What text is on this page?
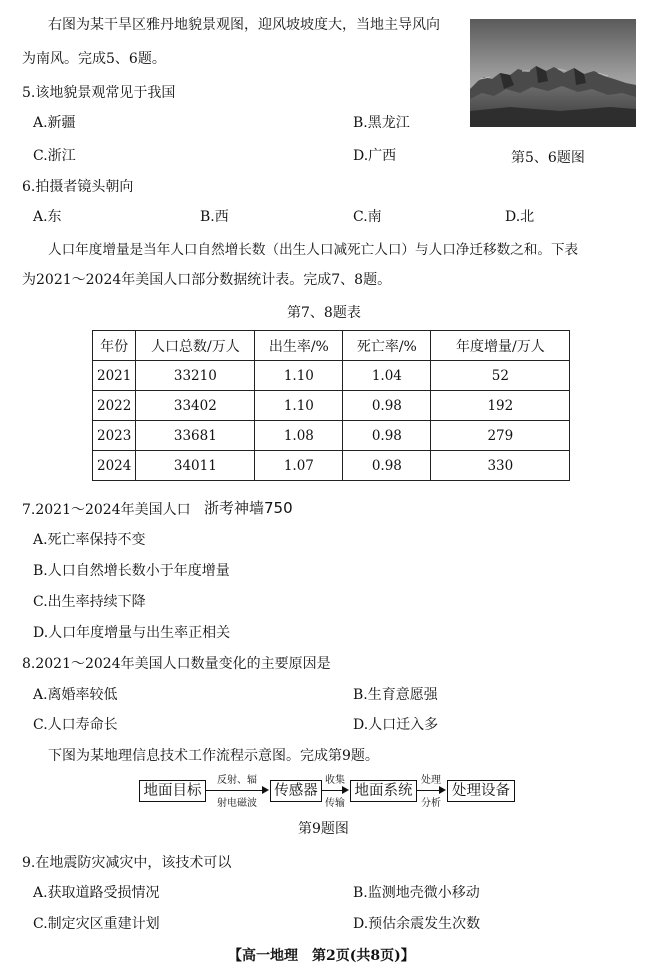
右图为某干旱区雅丹地貌景观图，迎风坡坡度大，当地主导风向
为南风。完成5、6题。
第5、6题图
5.该地貌景观常见于我国
A.新疆	B.黑龙江
C.浙江	D.广西
6.拍摄者镜头朝向
A.东	B.西	C.南	D.北
人口年度增量是当年人口自然增长数（出生人口减死亡人口）与人口净迁移数之和。下表
为2021～2024年美国人口部分数据统计表。完成7、8题。
第7、8题表
年份	人口总数/万人	出生率/%	死亡率/%	年度增量/万人
2021	33210	1.10	1.04	52
2022	33402	1.10	0.98	192
2023	33681	1.08	0.98	279
2024	34011	1.07	0.98	330
7.2021～2024年美国人口 浙考神墙750
A.死亡率保持不变
B.人口自然增长数小于年度增量
C.出生率持续下降
D.人口年度增量与出生率正相关
8.2021～2024年美国人口数量变化的主要原因是
A.离婚率较低	B.生育意愿强
C.人口寿命长	D.人口迁入多
下图为某地理信息技术工作流程示意图。完成第9题。
地面目标
反射、辐
射电磁波
传感器
收集
传输
地面系统
处理
分析
处理设备
第9题图
9.在地震防灾减灾中，该技术可以
A.获取道路受损情况	B.监测地壳微小移动
C.制定灾区重建计划	D.预估余震发生次数
【高一地理　第2页(共8页)】
